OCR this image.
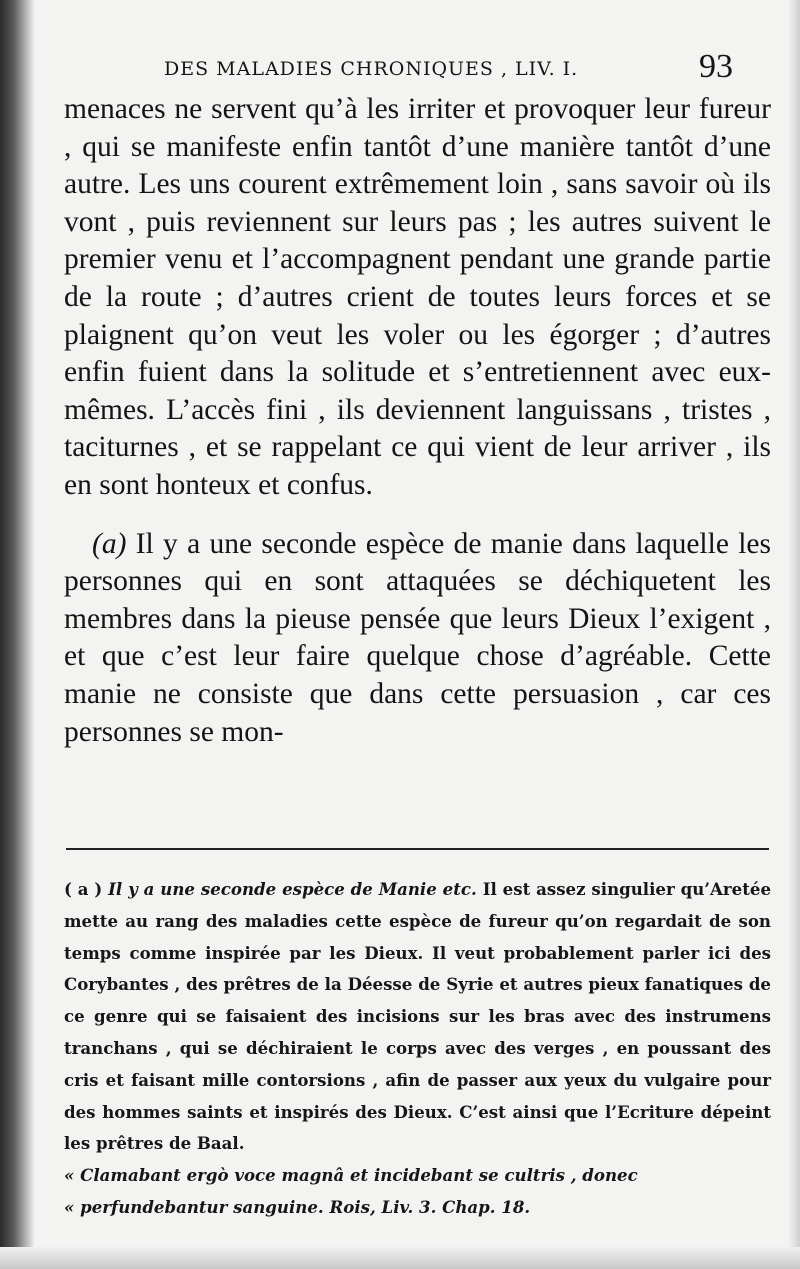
DES MALADIES CHRONIQUES , LIV. I.	93

menaces ne servent qu’à les irriter et provoquer leur fureur , qui se manifeste enfin tantôt d’une manière tantôt d’une autre. Les uns courent extrêmement loin , sans savoir où ils vont , puis reviennent sur leurs pas ; les autres suivent le premier venu et l’accompagnent pendant une grande partie de la route ; d’autres crient de toutes leurs forces et se plaignent qu’on veut les voler ou les égorger ; d’autres enfin fuient dans la solitude et s’entretiennent avec eux-mêmes. L’accès fini , ils deviennent languissans , tristes , taciturnes , et se rappelant ce qui vient de leur arriver , ils en sont honteux et confus.

(a) Il y a une seconde espèce de manie dans laquelle les personnes qui en sont attaquées se déchiquetent les membres dans la pieuse pensée que leurs Dieux l’exigent , et que c’est leur faire quelque chose d’agréable. Cette manie ne consiste que dans cette persuasion , car ces personnes se mon-

( a ) Il y a une seconde espèce de Manie etc. Il est assez singulier qu’Aretée mette au rang des maladies cette espèce de fureur qu’on regardait de son temps comme inspirée par les Dieux. Il veut probablement parler ici des Corybantes , des prêtres de la Déesse de Syrie et autres pieux fanatiques de ce genre qui se faisaient des incisions sur les bras avec des instrumens tranchans , qui se déchiraient le corps avec des verges , en poussant des cris et faisant mille contorsions , afin de passer aux yeux du vulgaire pour des hommes saints et inspirés des Dieux. C’est ainsi que l’Ecriture dépeint les prêtres de Baal.
« Clamabant ergò voce magnâ et incidebant se cultris , donec
« perfundebantur sanguine. Rois, Liv. 3. Chap. 18.
